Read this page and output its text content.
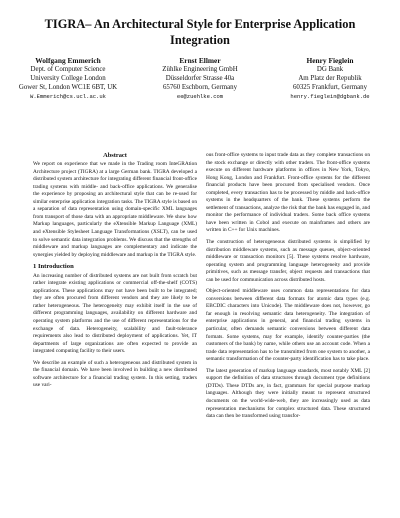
TIGRA– An Architectural Style for Enterprise Application Integration
Wolfgang Emmerich
Dept. of Computer Science
University College London
Gower St, London WC1E 6BT, UK
W.Emmerich@cs.ucl.ac.uk
Ernst Ellmer
Zühlke Engineering GmbH
Düsseldorfer Strasse 40a
65760 Eschborn, Germany
ee@zuehlke.com
Henry Fieglein
DG Bank
Am Platz der Republik
60325 Frankfurt, Germany
henry.fieglein@dgbank.de
Abstract

We report on experience that we made in the Trading room InteGRAtion Architecture project (TIGRA) at a large German bank. TIGRA developed a distributed system architecture for integrating different financial front-office trading systems with middle- and back-office applications. We generalise the experience by proposing an architectural style that can be re-used for similar enterprise application integration tasks. The TIGRA style is based on a separation of data representation using domain-specific XML languages from transport of those data with an appropriate middleware. We show how Markup languages, particularly the eXtensible Markup Language (XML) and eXtensible Stylesheet Language Transformations (XSLT), can be used to solve semantic data integration problems. We discuss that the strengths of middleware and markup languages are complementary and indicate the synergies yielded by deploying middleware and markup in the TIGRA style.

1 Introduction

An increasing number of distributed systems are not built from scratch but rather integrate existing applications or commercial off-the-shelf (COTS) applications. These applications may not have been built to be integrated; they are often procured from different vendors and they are likely to be rather heterogeneous. The heterogeneity may exhibit itself in the use of different programming languages, availability on different hardware and operating system platforms and the use of different representations for the exchange of data. Heterogeneity, scalability and fault-tolerance requirements also lead to distributed deployment of applications. Yet, IT departments of large organizations are often expected to provide an integrated computing facility to their users.

We describe an example of such a heterogeneous and distributed system in the financial domain. We have been involved in building a new distributed software architecture for a financial trading system. In this setting, traders use vari-

ous front-office systems to input trade data as they complete transactions on the stock exchange or directly with other traders. The front-office systems execute on different hardware platforms in offices in New York, Tokyo, Hong Kong, London and Frankfurt. Front-office systems for the different financial products have been procured from specialised vendors. Once completed, every transaction has to be processed by middle and back-office systems in the headquarters of the bank. These systems perform the settlement of transactions, analyze the risk that the bank has engaged in, and monitor the performance of individual traders. Some back office systems have been written in Cobol and execute on mainframes and others are written in C++ for Unix machines.

The construction of heterogeneous distributed systems is simplified by distribution middleware systems, such as message queues, object-oriented middleware or transaction monitors [5]. These systems resolve hardware, operating system and programming language heterogeneity and provide primitives, such as message transfer, object requests and transactions that can be used for communication across distributed hosts.

Object-oriented middleware uses common data representations for data conversions between different data formats for atomic data types (e.g. EBCDIC characters into Unicode). The middleware does not, however, go far enough in resolving semantic data heterogeneity. The integration of enterprise applications in general, and financial trading systems in particular, often demands semantic conversions between different data formats. Some systems, may for example, identify counter-parties (the customers of the bank) by name, while others use an account code. When a trade data representation has to be transmitted from one system to another, a semantic transformation of the counter-party identification has to take place.

The latest generation of markup language standards, most notably XML [2] support the definition of data structures through document type definitions (DTDs). These DTDs are, in fact, grammars for special purpose markup languages. Although they were initially meant to represent structured documents on the world-wide-web, they are increasingly used as data representation mechanisms for complex structured data. These structured data can then be transformed using transfor-
